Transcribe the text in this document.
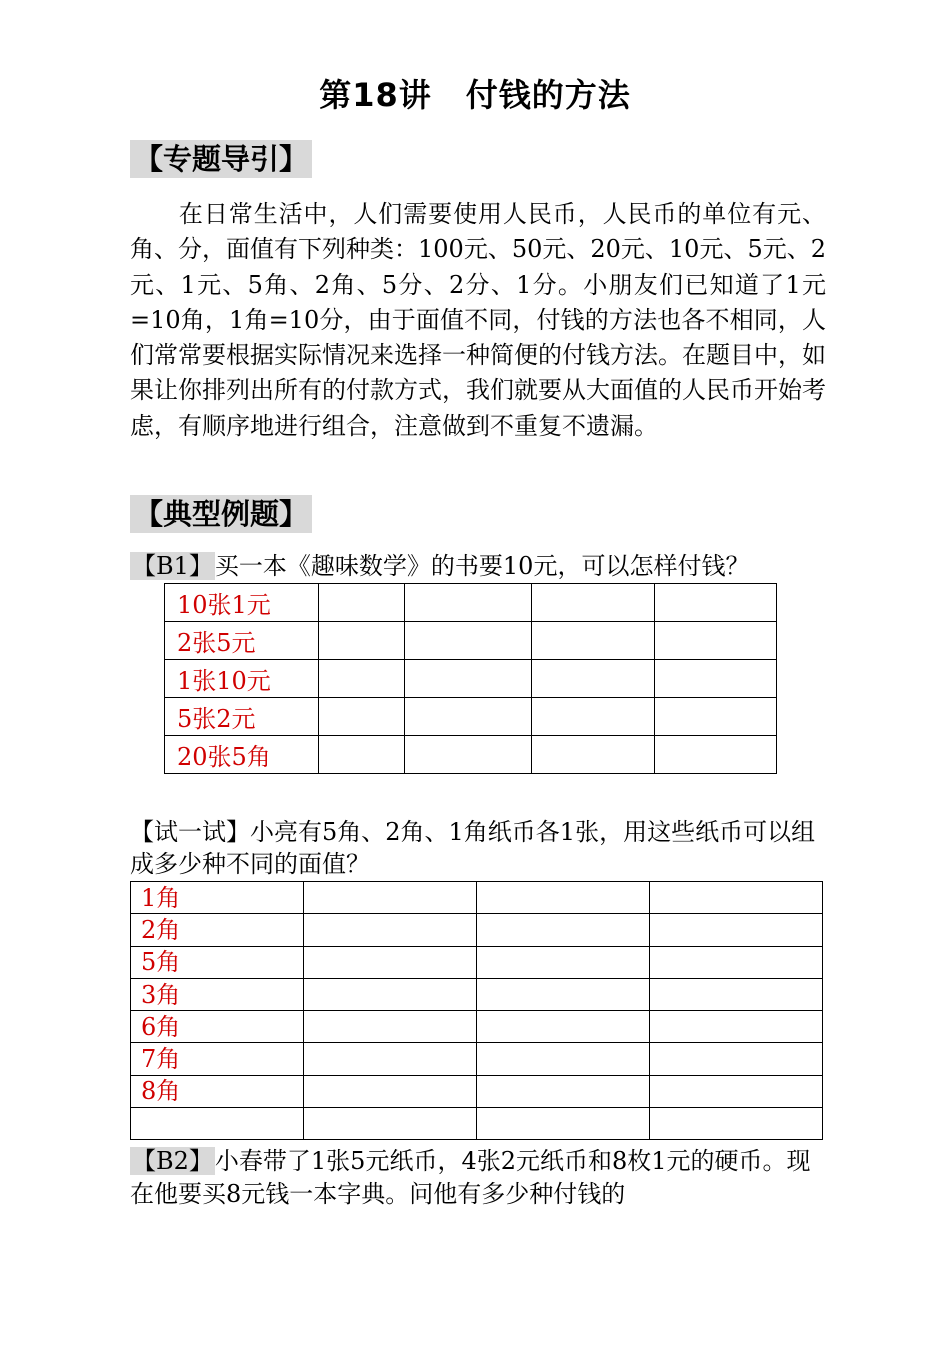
第18讲 付钱的方法
【专题导引】

在日常生活中，人们需要使用人民币，人民币的单位有元、角、分，面值有下列种类：100元、50元、20元、10元、5元、2元、1元、5角、2角、5分、2分、1分。小朋友们已知道了1元=10角，1角=10分，由于面值不同，付钱的方法也各不相同，人们常常要根据实际情况来选择一种简便的付钱方法。在题目中，如果让你排列出所有的付款方式，我们就要从大面值的人民币开始考虑，有顺序地进行组合，注意做到不重复不遗漏。

【典型例题】

【B1】买一本《趣味数学》的书要10元，可以怎样付钱？

10张1元				
2张5元				
1张10元				
5张2元				
20张5角				

【试一试】小亮有5角、2角、1角纸币各1张，用这些纸币可以组成多少种不同的面值？

1角			
2角			
5角			
3角			
6角			
7角			
8角			

【B2】小春带了1张5元纸币，4张2元纸币和8枚1元的硬币。现在他要买8元钱一本字典。问他有多少种付钱的
